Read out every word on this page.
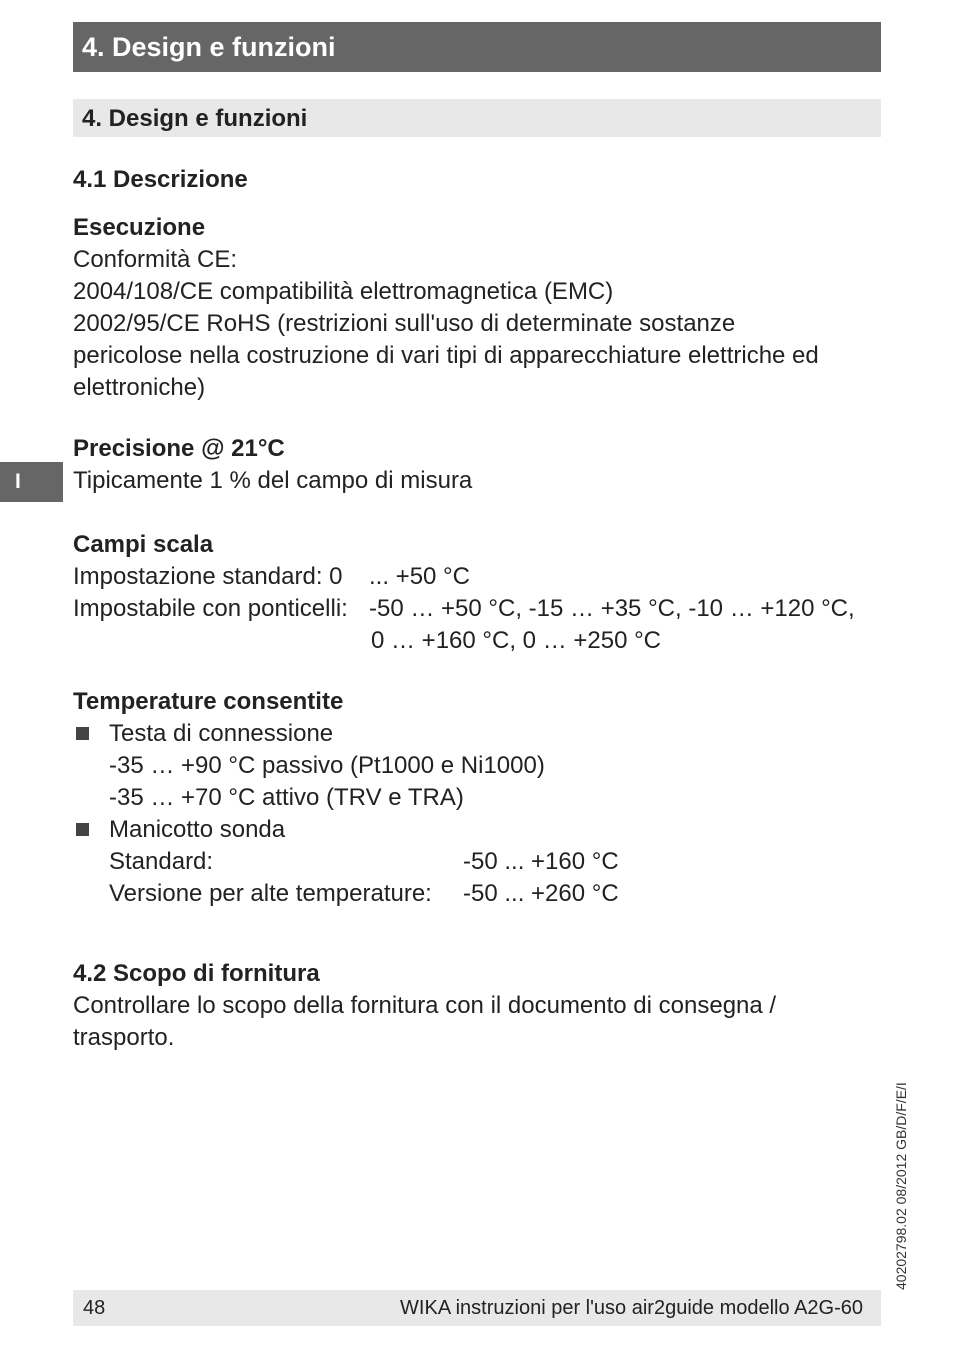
4. Design e funzioni
4. Design e funzioni
I

4.1 Descrizione

Esecuzione

Conformità CE:

2004/108/CE compatibilità elettromagnetica (EMC)

2002/95/CE RoHS (restrizioni sull'uso di determinate sostanze

pericolose nella costruzione di vari tipi di apparecchiature elettriche ed

elettroniche)

Precisione @ 21°C

Tipicamente 1 % del campo di misura

Campi scala

Impostazione standard: 0 ... +50 °C

Impostabile con ponticelli: -50 … +50 °C, -15 … +35 °C, -10 … +120 °C,

0 … +160 °C, 0 … +250 °C

Temperature consentite

Testa di connessione

-35 … +90 °C passivo (Pt1000 e Ni1000)

-35 … +70 °C attivo (TRV e TRA)

Manicotto sonda

Standard:	-50 ... +160 °C

Versione per alte temperature: -50 ... +260 °C

4.2 Scopo di fornitura

Controllare lo scopo della fornitura con il documento di consegna /

trasporto.

40202798.02 08/2012 GB/D/F/E/I
48	WIKA instruzioni per l'uso air2guide modello A2G-60
